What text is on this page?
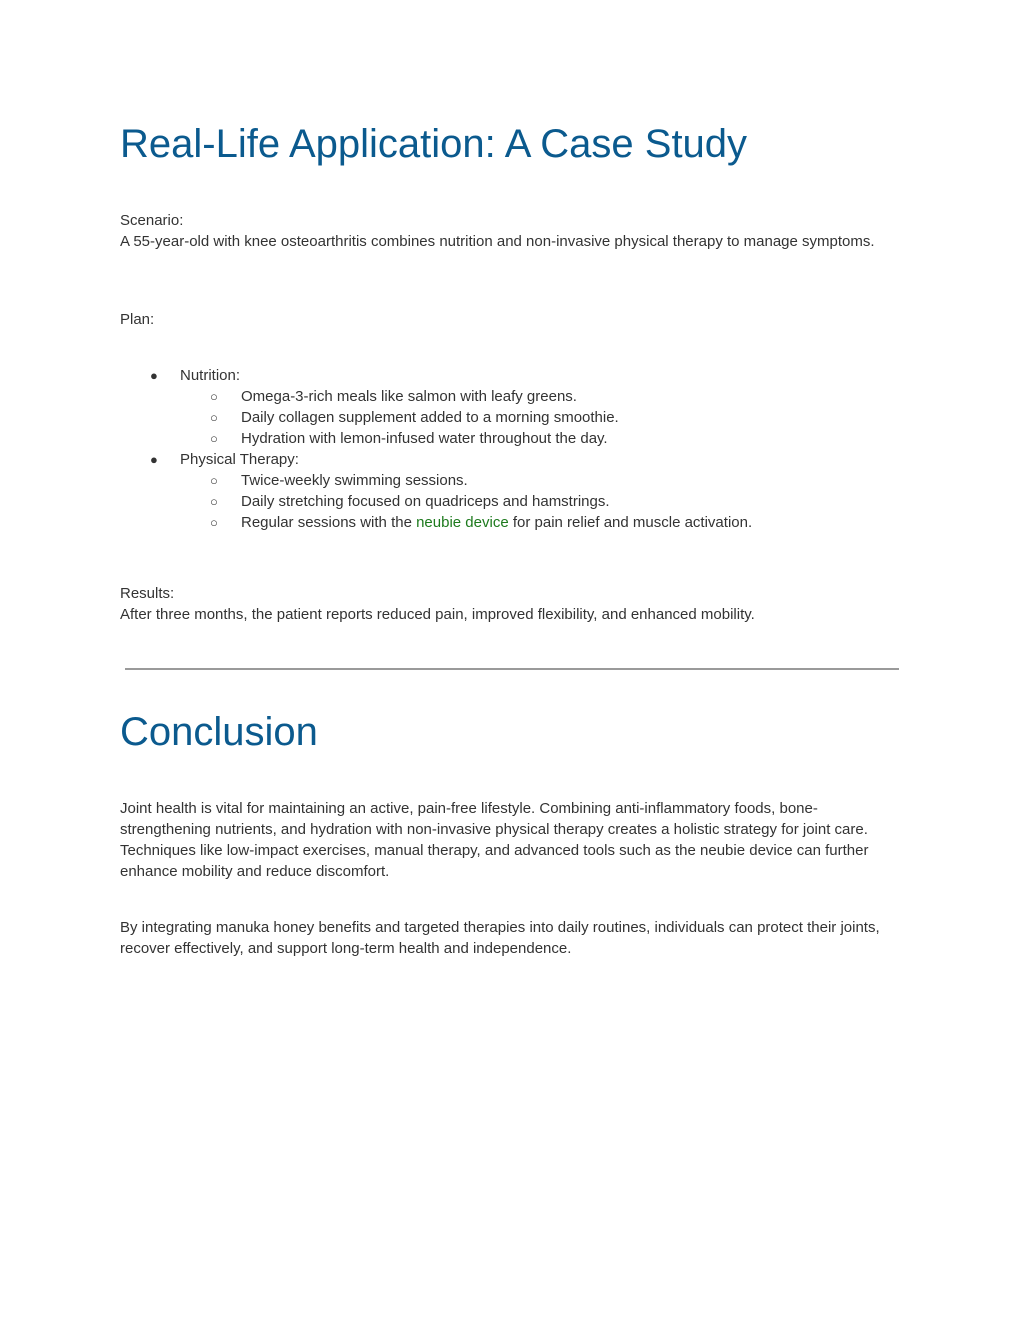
Real-Life Application: A Case Study

Scenario:

A 55-year-old with knee osteoarthritis combines nutrition and non-invasive physical therapy to manage symptoms.

Plan:

● Nutrition:
○ Omega-3-rich meals like salmon with leafy greens.
○ Daily collagen supplement added to a morning smoothie.
○ Hydration with lemon-infused water throughout the day.
● Physical Therapy:
○ Twice-weekly swimming sessions.
○ Daily stretching focused on quadriceps and hamstrings.
○ Regular sessions with the neubie device for pain relief and muscle activation.

Results:

After three months, the patient reports reduced pain, improved flexibility, and enhanced mobility.

Conclusion

Joint health is vital for maintaining an active, pain-free lifestyle. Combining anti-inflammatory foods, bone-strengthening nutrients, and hydration with non-invasive physical therapy creates a holistic strategy for joint care. Techniques like low-impact exercises, manual therapy, and advanced tools such as the neubie device can further enhance mobility and reduce discomfort.

By integrating manuka honey benefits and targeted therapies into daily routines, individuals can protect their joints, recover effectively, and support long-term health and independence.
